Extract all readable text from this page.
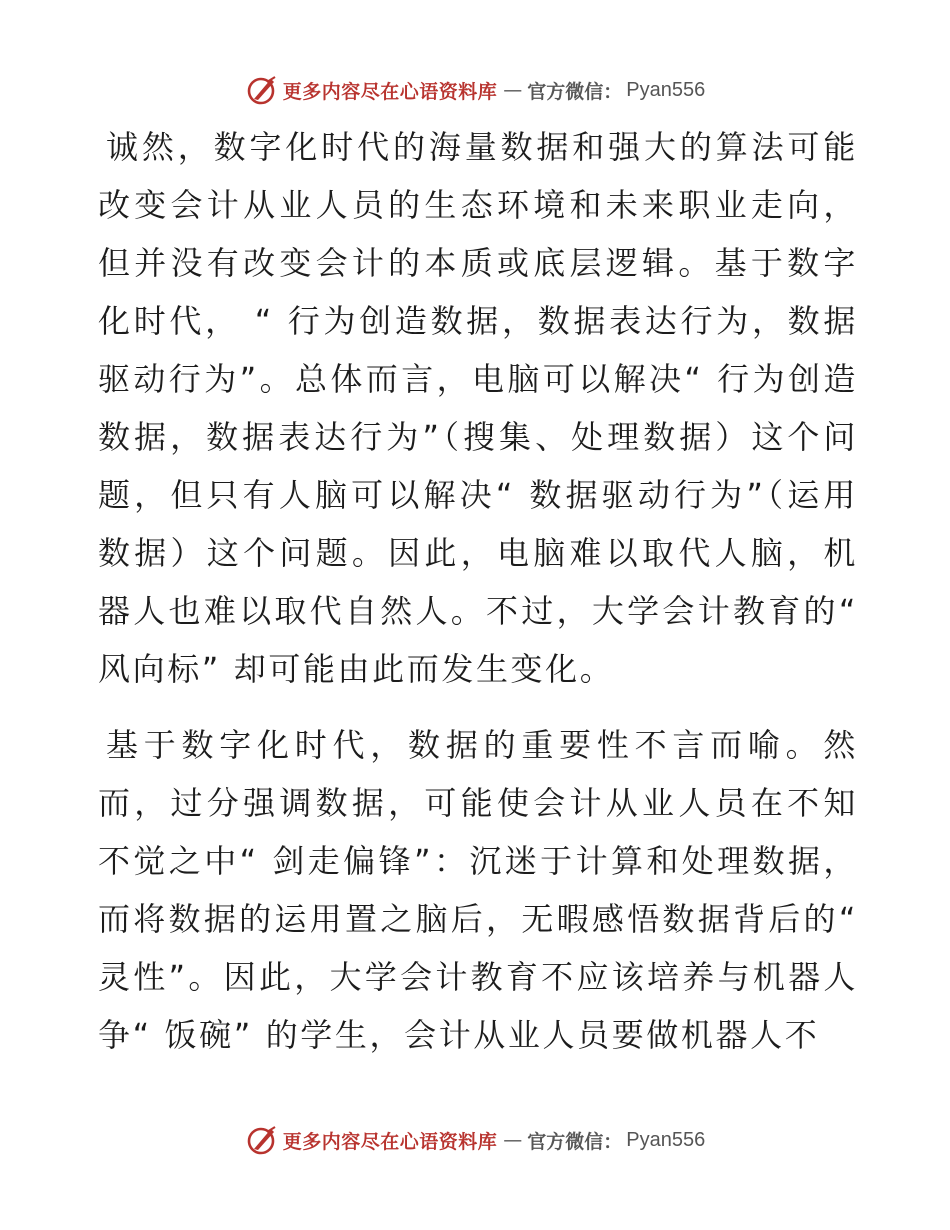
更多内容尽在心语资料库 — 官方微信： Pyan556

诚然，数字化时代的海量数据和强大的算法可能改变会计从业人员的生态环境和未来职业走向，但并没有改变会计的本质或底层逻辑。基于数字化时代， “ 行为创造数据，数据表达行为，数据驱动行为”。总体而言，电脑可以解决“ 行为创造数据，数据表达行为”（搜集、处理数据）这个问题，但只有人脑可以解决“ 数据驱动行为”（运用数据）这个问题。因此，电脑难以取代人脑，机器人也难以取代自然人。不过，大学会计教育的“ 风向标” 却可能由此而发生变化。

基于数字化时代，数据的重要性不言而喻。然而，过分强调数据，可能使会计从业人员在不知不觉之中“ 剑走偏锋”：沉迷于计算和处理数据，而将数据的运用置之脑后，无暇感悟数据背后的“ 灵性”。因此，大学会计教育不应该培养与机器人争“ 饭碗” 的学生，会计从业人员要做机器人不

更多内容尽在心语资料库 — 官方微信： Pyan556
